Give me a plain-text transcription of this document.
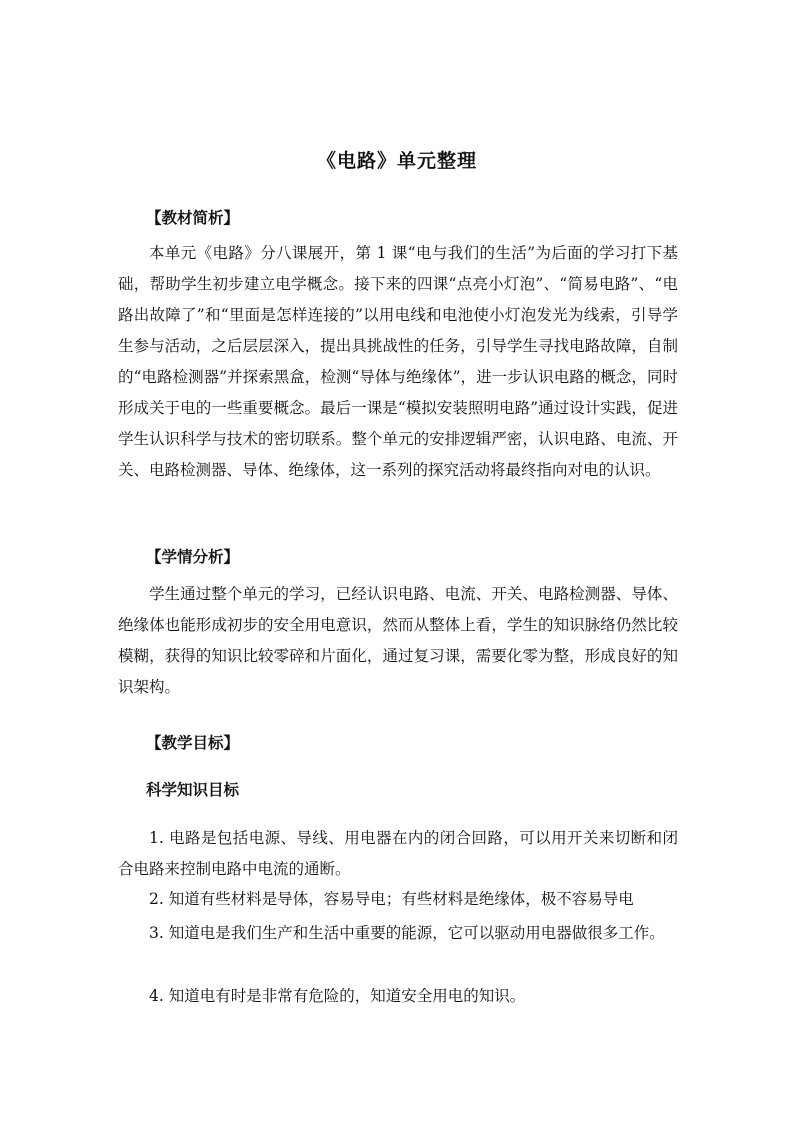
《电路》单元整理
【教材简析】

本单元《电路》分八课展开，第 1 课“电与我们的生活”为后面的学习打下基础，帮助学生初步建立电学概念。接下来的四课“点亮小灯泡”、“简易电路”、“电路出故障了”和“里面是怎样连接的”以用电线和电池使小灯泡发光为线索，引导学生参与活动，之后层层深入，提出具挑战性的任务，引导学生寻找电路故障，自制的“电路检测器”并探索黑盒，检测“导体与绝缘体”，进一步认识电路的概念，同时形成关于电的一些重要概念。最后一课是“模拟安装照明电路”通过设计实践，促进学生认识科学与技术的密切联系。整个单元的安排逻辑严密，认识电路、电流、开关、电路检测器、导体、绝缘体，这一系列的探究活动将最终指向对电的认识。

【学情分析】

学生通过整个单元的学习，已经认识电路、电流、开关、电路检测器、导体、绝缘体也能形成初步的安全用电意识，然而从整体上看，学生的知识脉络仍然比较模糊，获得的知识比较零碎和片面化，通过复习课，需要化零为整，形成良好的知识架构。

【教学目标】
科学知识目标

1. 电路是包括电源、导线、用电器在内的闭合回路，可以用开关来切断和闭合电路来控制电路中电流的通断。

2. 知道有些材料是导体，容易导电；有些材料是绝缘体，极不容易导电

3. 知道电是我们生产和生活中重要的能源，它可以驱动用电器做很多工作。

4. 知道电有时是非常有危险的，知道安全用电的知识。
